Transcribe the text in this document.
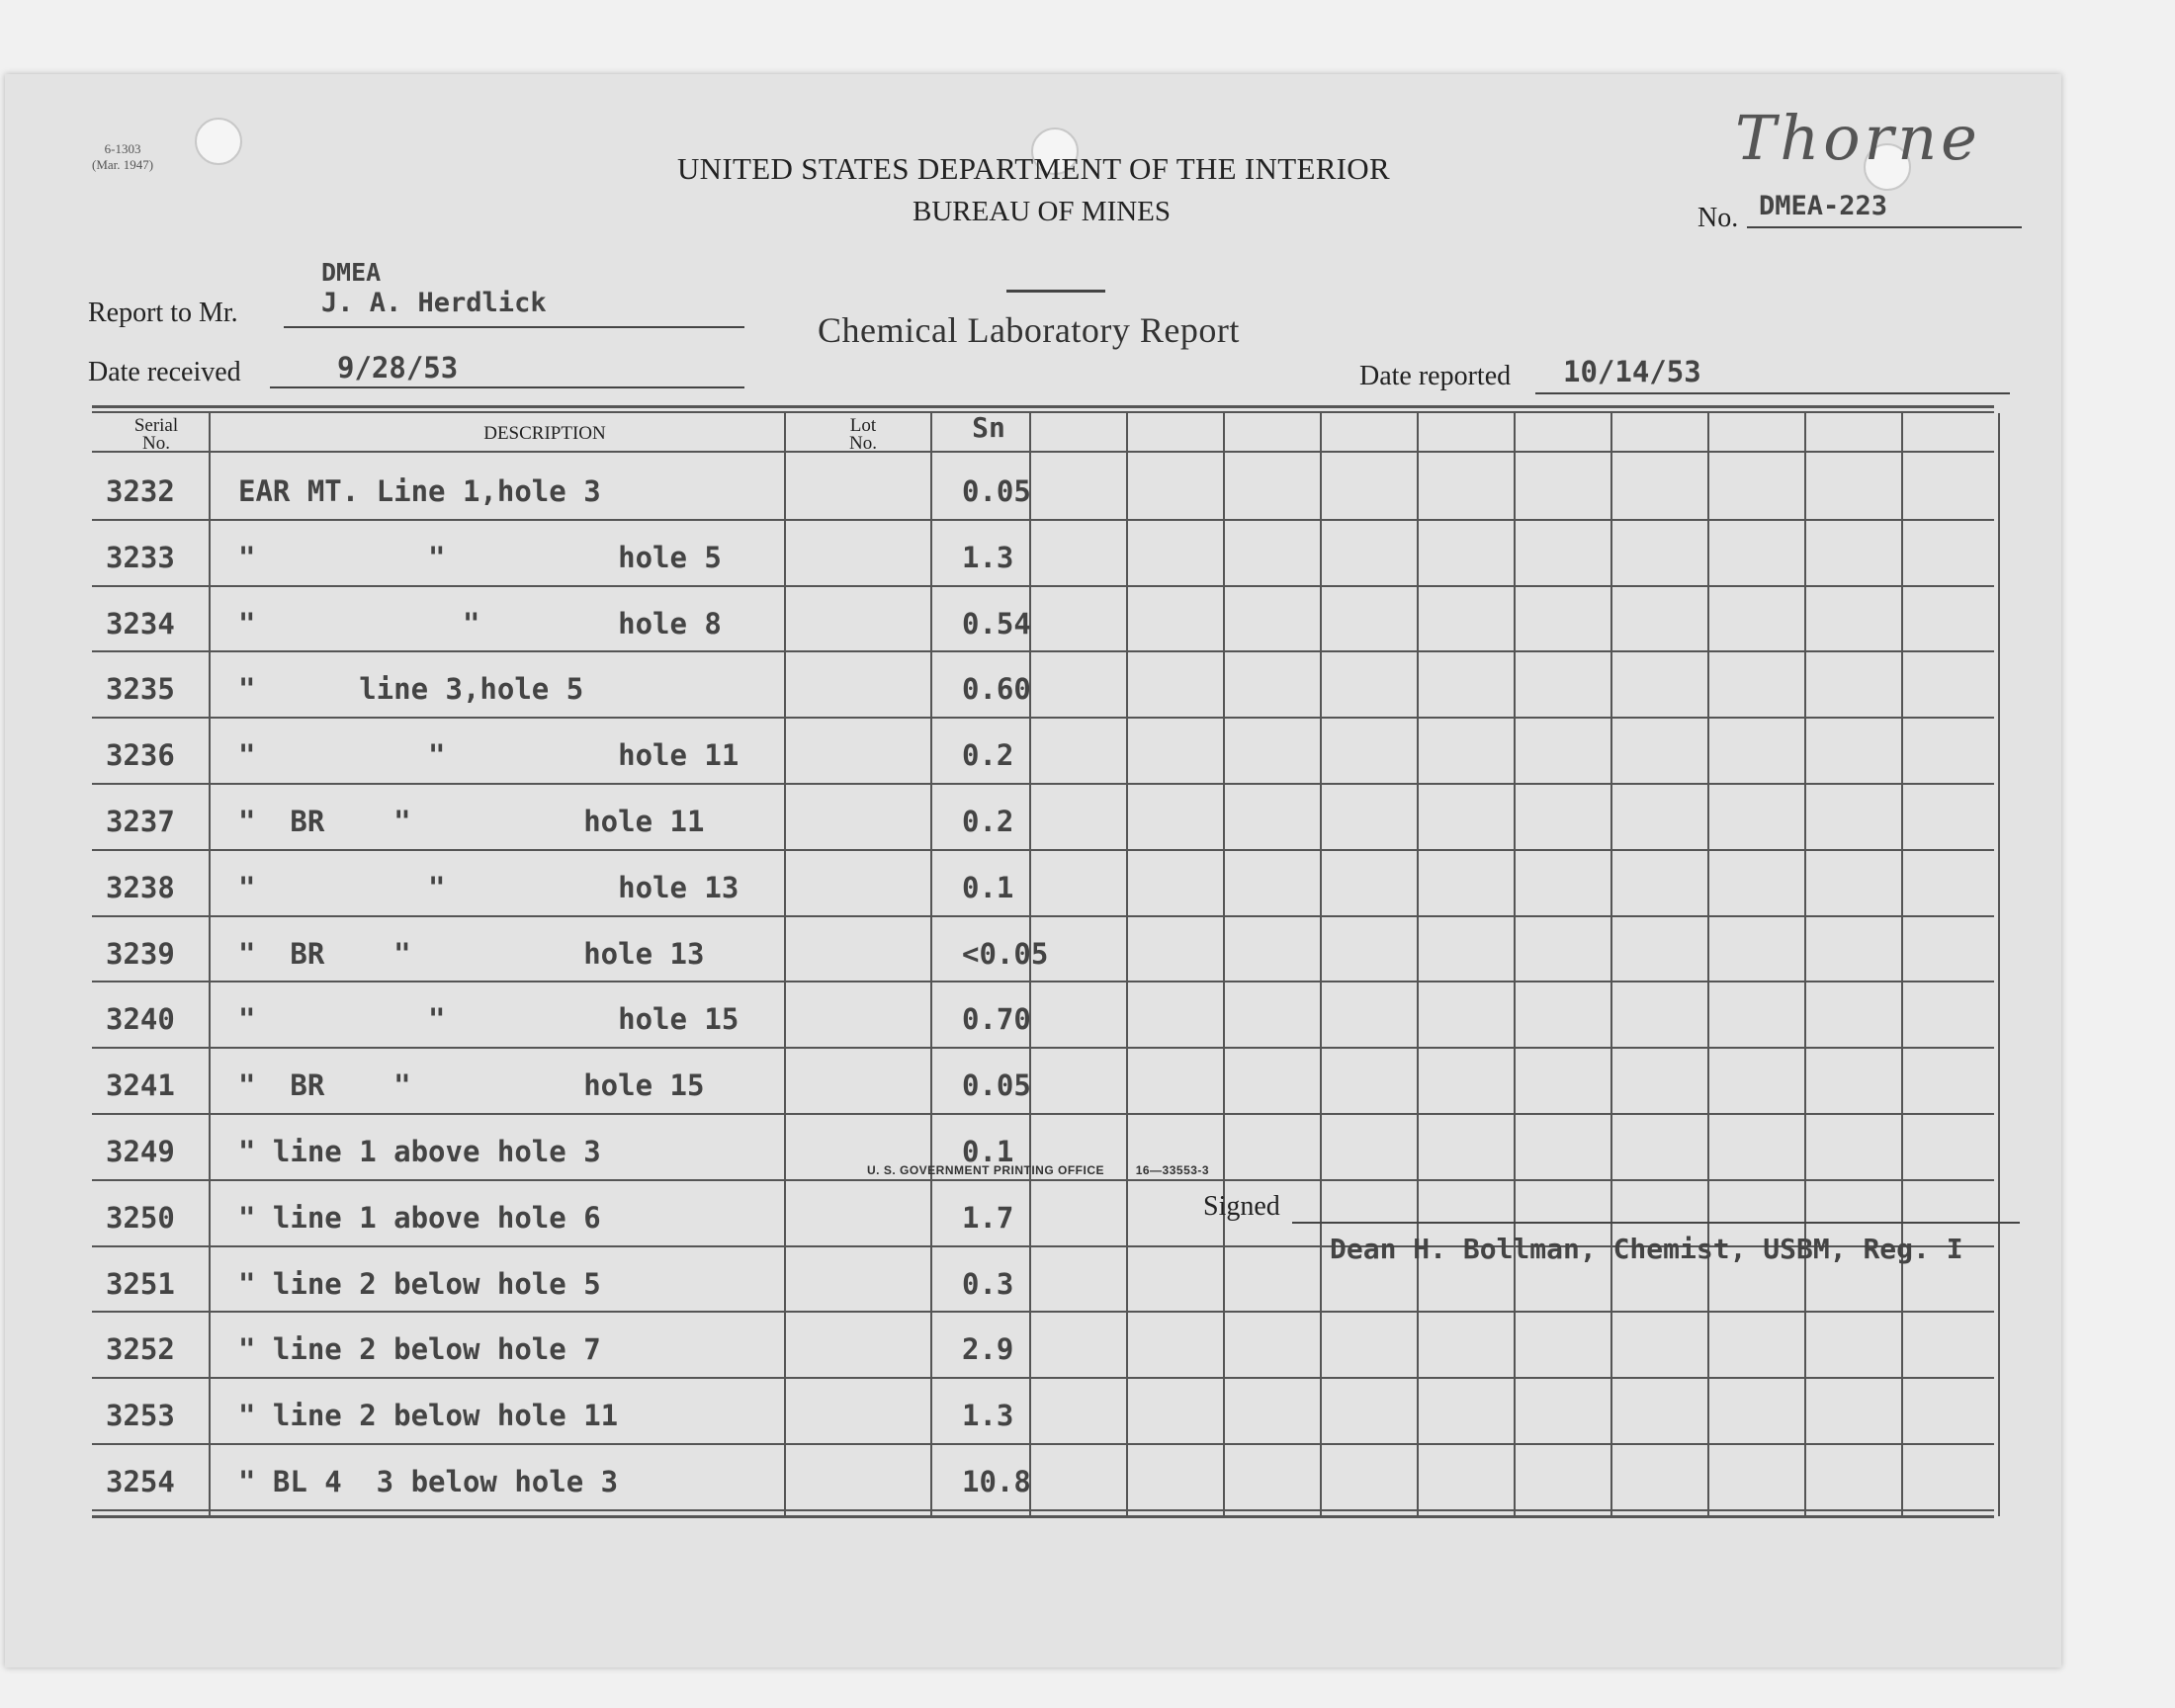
6-1303
(Mar. 1947)	Thorne
UNITED STATES DEPARTMENT OF THE INTERIOR
BUREAU OF MINES	No. DMEA-223
Chemical Laboratory Report
DMEA
Report to Mr.	J. A. Herdlick
Date received	9/28/53	Date reported 10/14/53
Serial
No.	DESCRIPTION	Lot
No.	Sn
3232	EAR MT. Line 1,hole 3	0.05
3233	"          "          hole 5	1.3
3234	"            "        hole 8	0.54
3235	"      line 3,hole 5	0.60
3236	"          "          hole 11	0.2
3237	"  BR    "          hole 11	0.2
3238	"          "          hole 13	0.1
3239	"  BR    "          hole 13	<0.05
3240	"          "          hole 15	0.70
3241	"  BR    "          hole 15	0.05
3249	" line 1 above hole 3	0.1
3250	" line 1 above hole 6	1.7
3251	" line 2 below hole 5	0.3
3252	" line 2 below hole 7	2.9
3253	" line 2 below hole 11	1.3
3254	" BL 4  3 below hole 3	10.8
U. S. GOVERNMENT PRINTING OFFICE	16—33553-3
Signed
Dean H. Bollman, Chemist, USBM, Reg. I
